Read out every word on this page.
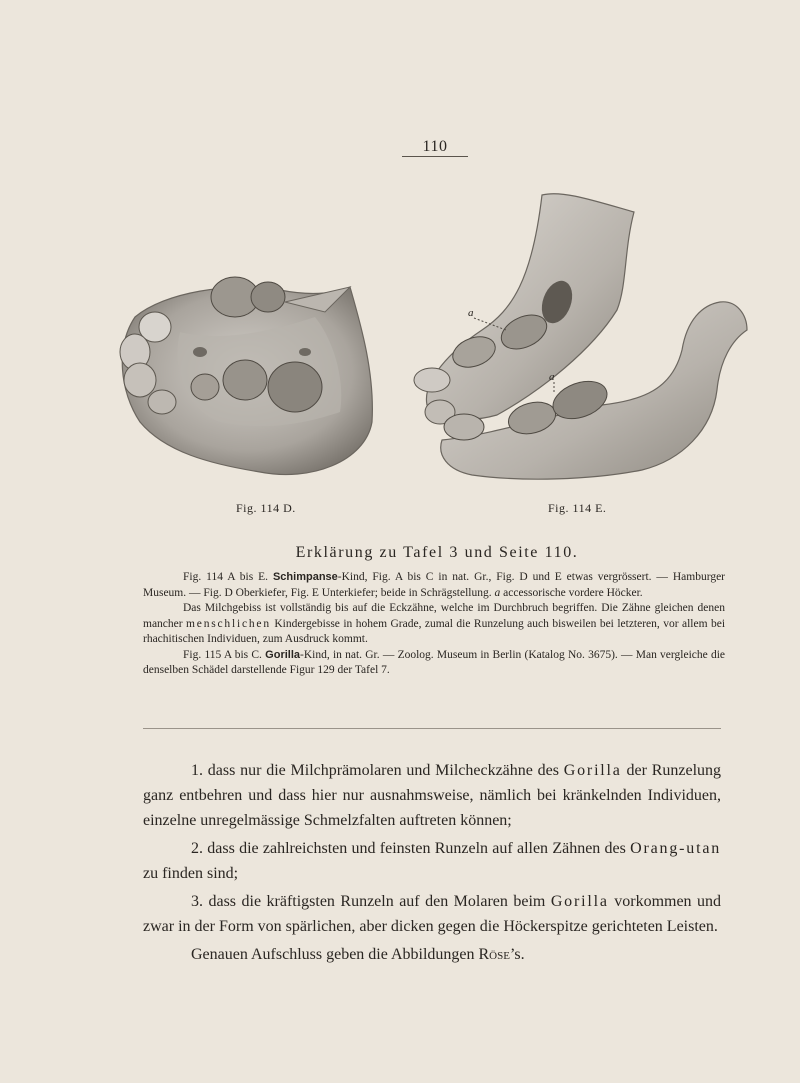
110
a
a
Fig. 114 D.	Fig. 114 E.
Erklärung zu Tafel 3 und Seite 110.

Fig. 114 A bis E. Schimpanse-Kind, Fig. A bis C in nat. Gr., Fig. D und E etwas vergrössert. — Hamburger Museum. — Fig. D Oberkiefer, Fig. E Unterkiefer; beide in Schrägstellung. a accessorische vordere Höcker.

Das Milchgebiss ist vollständig bis auf die Eckzähne, welche im Durchbruch begriffen. Die Zähne gleichen denen mancher menschlichen Kindergebisse in hohem Grade, zumal die Runzelung auch bisweilen bei letzteren, vor allem bei rhachitischen Individuen, zum Ausdruck kommt.

Fig. 115 A bis C. Gorilla-Kind, in nat. Gr. — Zoolog. Museum in Berlin (Katalog No. 3675). — Man vergleiche die denselben Schädel darstellende Figur 129 der Tafel 7.

1. dass nur die Milchprämolaren und Milcheckzähne des Gorilla der Runzelung ganz entbehren und dass hier nur ausnahmsweise, nämlich bei kränkelnden Individuen, einzelne unregelmässige Schmelzfalten auftreten können;

2. dass die zahlreichsten und feinsten Runzeln auf allen Zähnen des Orang-utan zu finden sind;

3. dass die kräftigsten Runzeln auf den Molaren beim Gorilla vorkommen und zwar in der Form von spärlichen, aber dicken gegen die Höckerspitze gerichteten Leisten.

Genauen Aufschluss geben die Abbildungen Röse’s.
